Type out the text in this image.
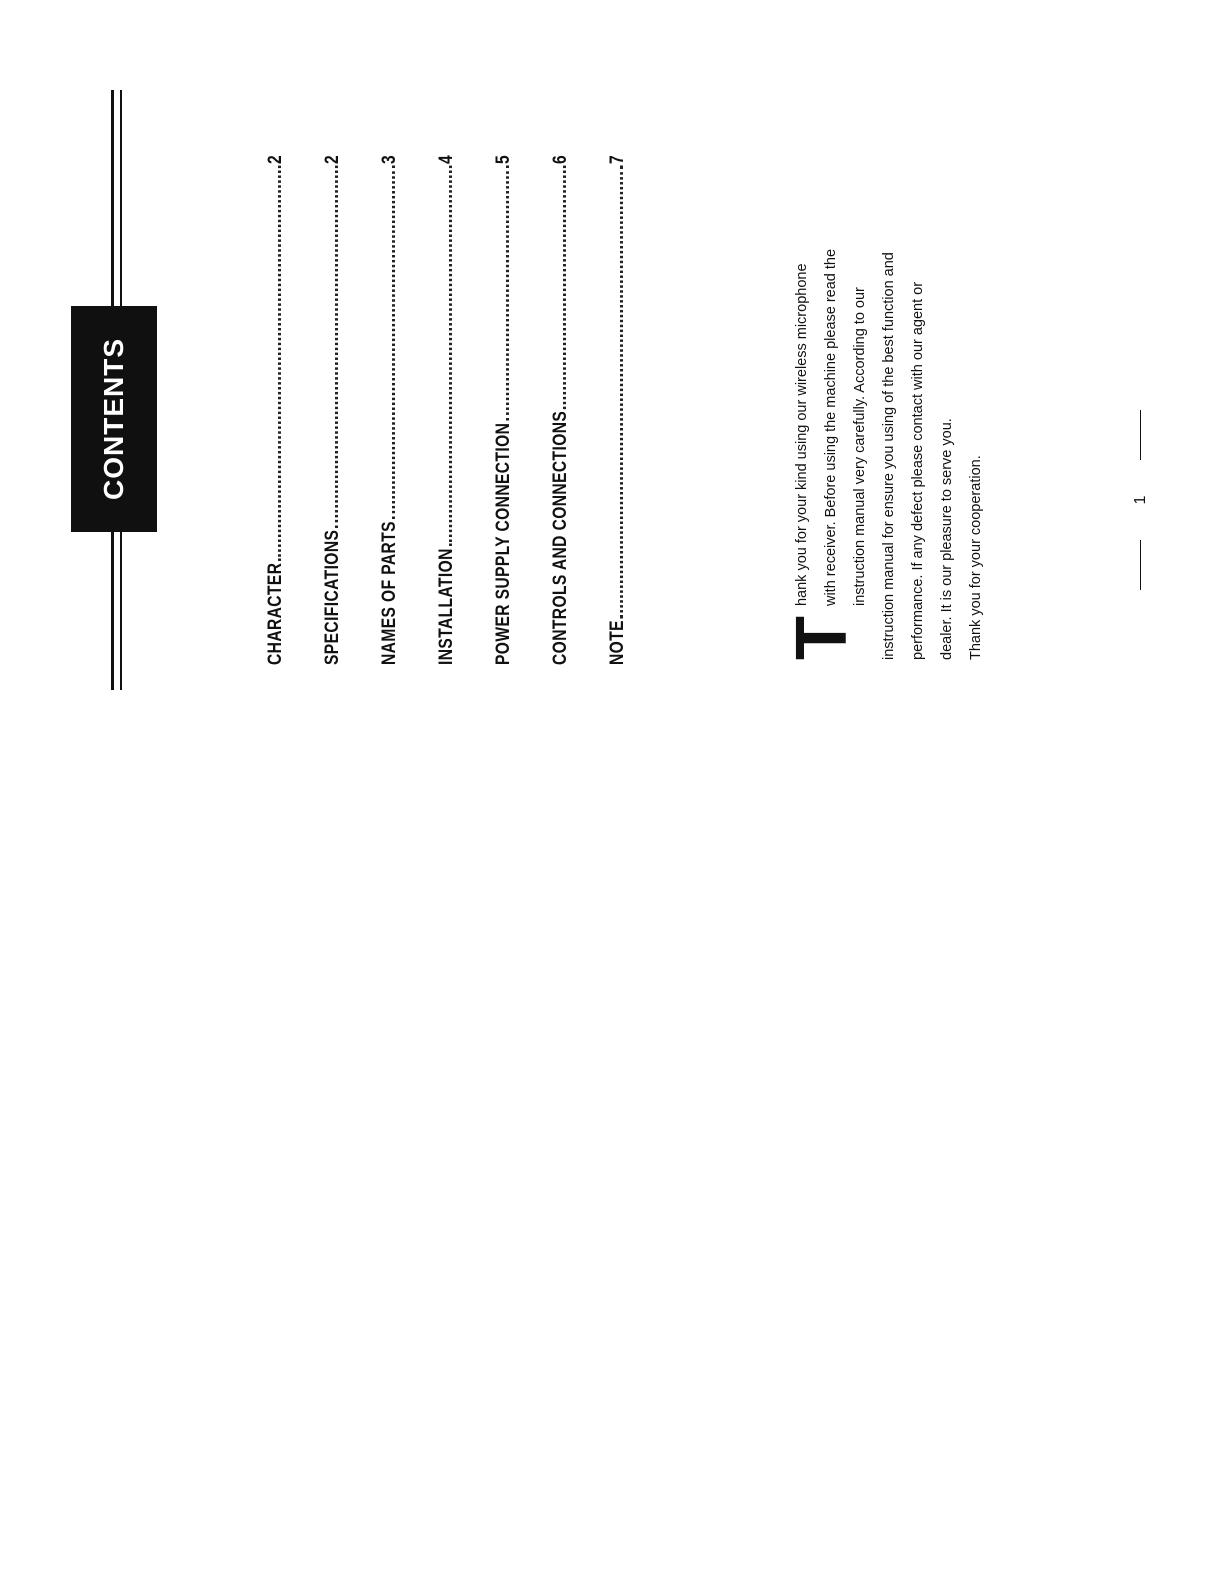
CONTENTS
CHARACTER
2
SPECIFICATIONS
2
NAMES OF PARTS
3
INSTALLATION
4
POWER SUPPLY CONNECTION
5
CONTROLS AND CONNECTIONS
6
NOTE
7
T

hank you for your kind using our wireless microphone with receiver. Before using the machine please read the instruction manual very carefully. According to our instruction manual for ensure you using of the best function and performance. If any defect please contact with our agent or dealer. It is our pleasure to serve you. Thank you for your cooperation.	1
